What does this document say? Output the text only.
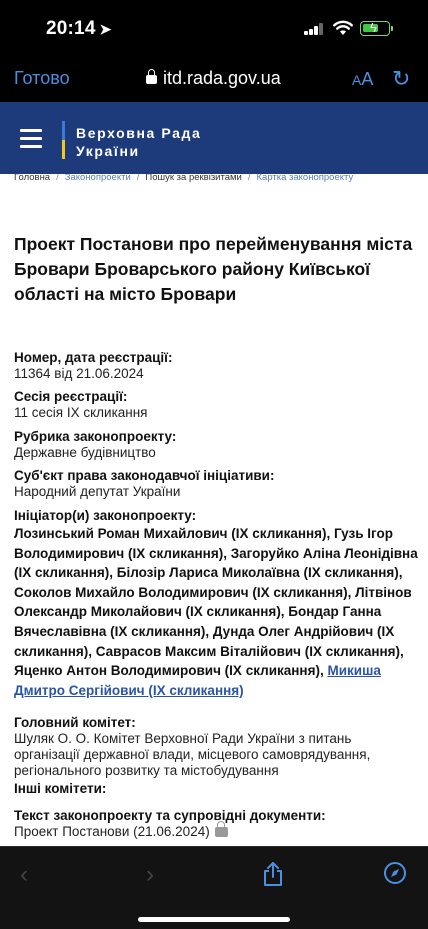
20:14 ➤	ϟ
Готово	itd.rada.gov.ua	AA ↻
Верховна Рада
України
Головна / Законопроекти / Пошук за реквізитами / Картка законопроекту
Проект Постанови про перейменування міста Бровари Броварського району Київської області на місто Бровари
Номер, дата реєстрації:
11364 від 21.06.2024
Сесія реєстрації:
11 сесія IX скликання
Рубрика законопроекту:
Державне будівництво
Суб'єкт права законодавчої ініціативи:
Народний депутат України
Ініціатор(и) законопроекту:
Лозинський Роман Михайлович (IX скликання), Гузь Ігор Володимирович (IX скликання), Загоруйко Аліна Леонідівна (IX скликання), Білозір Лариса Миколаївна (IX скликання), Соколов Михайло Володимирович (IX скликання), Літвінов Олександр Миколайович (IX скликання), Бондар Ганна Вячеславівна (IX скликання), Дунда Олег Андрійович (IX скликання), Саврасов Максим Віталійович (IX скликання), Яценко Антон Володимирович (IX скликання), Микиша Дмитро Сергійович (IX скликання)
Головний комітет:
Шуляк О. О. Комітет Верховної Ради України з питань організації державної влади, місцевого самоврядування, регіонального розвитку та містобудування
Інші комітети:
Текст законопроекту та супровідні документи:
Проект Постанови (21.06.2024)
‹	›
